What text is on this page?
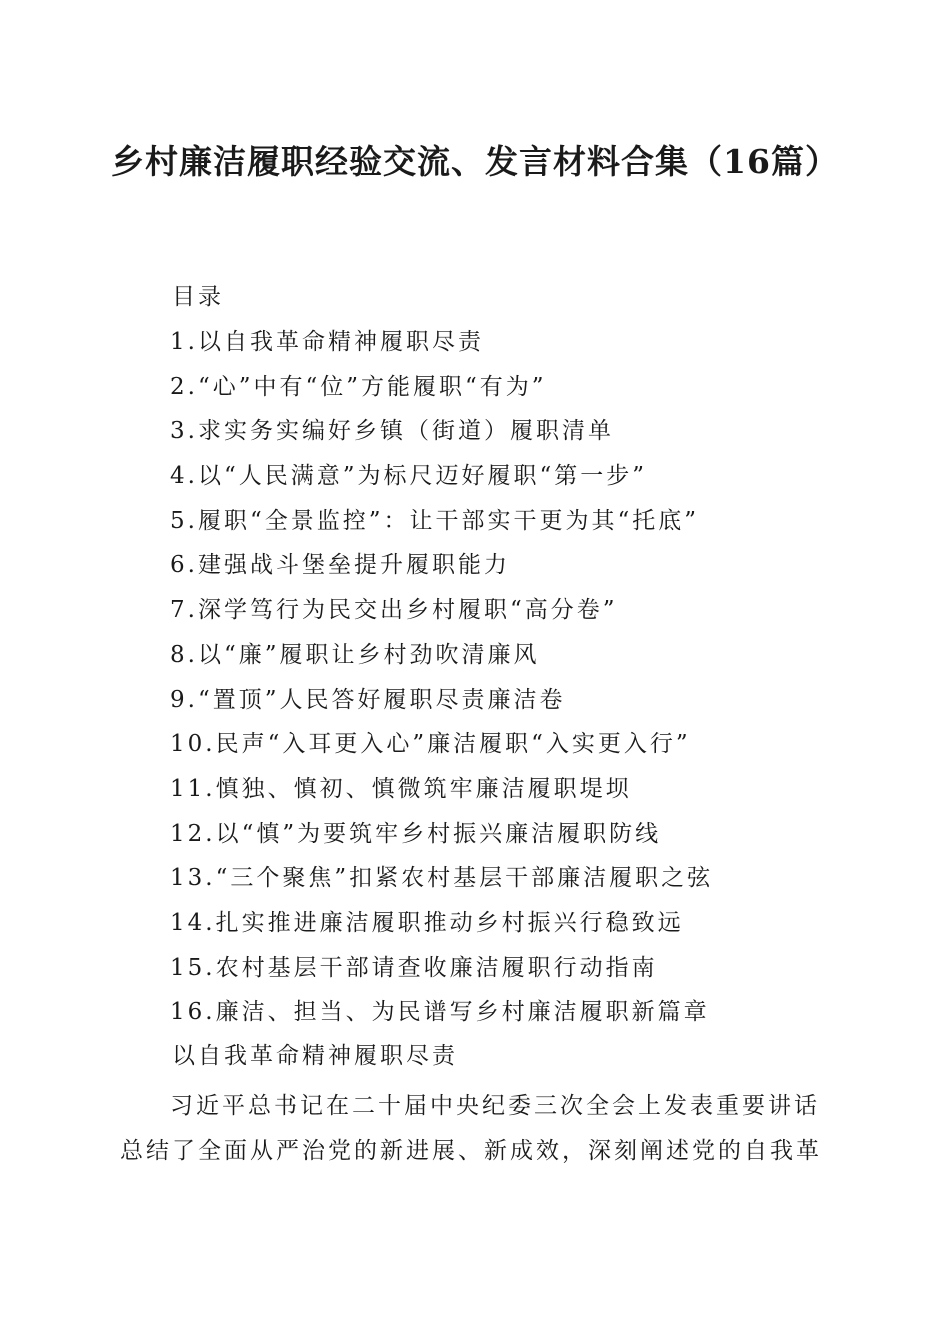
乡村廉洁履职经验交流、发言材料合集（16篇）
目录
1.以自我革命精神履职尽责
2.“心”中有“位”方能履职“有为”
3.求实务实编好乡镇（街道）履职清单
4.以“人民满意”为标尺迈好履职“第一步”
5.履职“全景监控”：让干部实干更为其“托底”
6.建强战斗堡垒提升履职能力
7.深学笃行为民交出乡村履职“高分卷”
8.以“廉”履职让乡村劲吹清廉风
9.“置顶”人民答好履职尽责廉洁卷
10.民声“入耳更入心”廉洁履职“入实更入行”
11.慎独、慎初、慎微筑牢廉洁履职堤坝
12.以“慎”为要筑牢乡村振兴廉洁履职防线
13.“三个聚焦”扣紧农村基层干部廉洁履职之弦
14.扎实推进廉洁履职推动乡村振兴行稳致远
15.农村基层干部请查收廉洁履职行动指南
16.廉洁、担当、为民谱写乡村廉洁履职新篇章
以自我革命精神履职尽责

习近平总书记在二十届中央纪委三次全会上发表重要讲话总结了全面从严治党的新进展、新成效，深刻阐述党的自我革
